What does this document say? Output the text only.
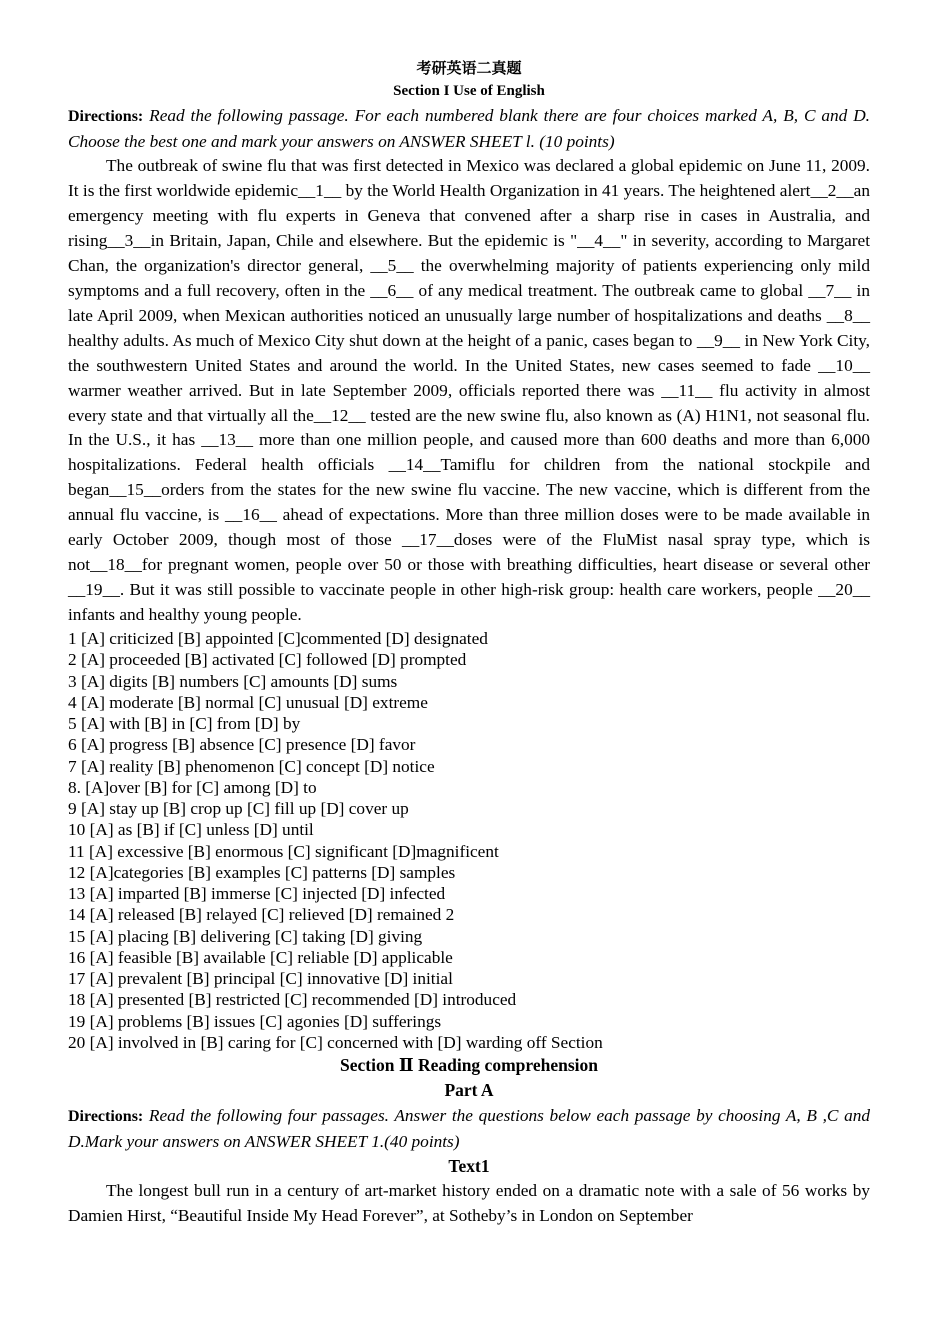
考研英语二真题

Section I Use of English

Directions: Read the following passage. For each numbered blank there are four choices marked A, B, C and D. Choose the best one and mark your answers on ANSWER SHEET l. (10 points)

The outbreak of swine flu that was first detected in Mexico was declared a global epidemic on June 11, 2009. It is the first worldwide epidemic__1__ by the World Health Organization in 41 years. The heightened alert__2__an emergency meeting with flu experts in Geneva that convened after a sharp rise in cases in Australia, and rising__3__in Britain, Japan, Chile and elsewhere. But the epidemic is "__4__" in severity, according to Margaret Chan, the organization's director general, __5__ the overwhelming majority of patients experiencing only mild symptoms and a full recovery, often in the __6__ of any medical treatment. The outbreak came to global __7__ in late April 2009, when Mexican authorities noticed an unusually large number of hospitalizations and deaths __8__ healthy adults. As much of Mexico City shut down at the height of a panic, cases began to __9__ in New York City, the southwestern United States and around the world. In the United States, new cases seemed to fade __10__ warmer weather arrived. But in late September 2009, officials reported there was __11__ flu activity in almost every state and that virtually all the__12__ tested are the new swine flu, also known as (A) H1N1, not seasonal flu. In the U.S., it has __13__ more than one million people, and caused more than 600 deaths and more than 6,000 hospitalizations. Federal health officials __14__Tamiflu for children from the national stockpile and began__15__orders from the states for the new swine flu vaccine. The new vaccine, which is different from the annual flu vaccine, is __16__ ahead of expectations. More than three million doses were to be made available in early October 2009, though most of those __17__doses were of the FluMist nasal spray type, which is not__18__for pregnant women, people over 50 or those with breathing difficulties, heart disease or several other __19__. But it was still possible to vaccinate people in other high-risk group: health care workers, people __20__ infants and healthy young people.

1 [A] criticized [B] appointed [C]commented [D] designated
2 [A] proceeded [B] activated [C] followed [D] prompted
3 [A] digits [B] numbers [C] amounts [D] sums
4 [A] moderate [B] normal [C] unusual [D] extreme
5 [A] with [B] in [C] from [D] by
6 [A] progress [B] absence [C] presence [D] favor
7 [A] reality [B] phenomenon [C] concept [D] notice
8. [A]over [B] for [C] among [D] to
9 [A] stay up [B] crop up [C] fill up [D] cover up
10 [A] as [B] if [C] unless [D] until
11 [A] excessive [B] enormous [C] significant [D]magnificent
12 [A]categories [B] examples [C] patterns [D] samples
13 [A] imparted [B] immerse [C] injected [D] infected
14 [A] released [B] relayed [C] relieved [D] remained 2
15 [A] placing [B] delivering [C] taking [D] giving
16 [A] feasible [B] available [C] reliable [D] applicable
17 [A] prevalent [B] principal [C] innovative [D] initial
18 [A] presented [B] restricted [C] recommended [D] introduced
19 [A] problems [B] issues [C] agonies [D] sufferings
20 [A] involved in [B] caring for [C] concerned with [D] warding off Section

Section Ⅱ Reading comprehension

Part A

Directions: Read the following four passages. Answer the questions below each passage by choosing A, B ,C and D.Mark your answers on ANSWER SHEET 1.(40 points)

Text1

The longest bull run in a century of art-market history ended on a dramatic note with a sale of 56 works by Damien Hirst, “Beautiful Inside My Head Forever”, at Sotheby’s in London on September
